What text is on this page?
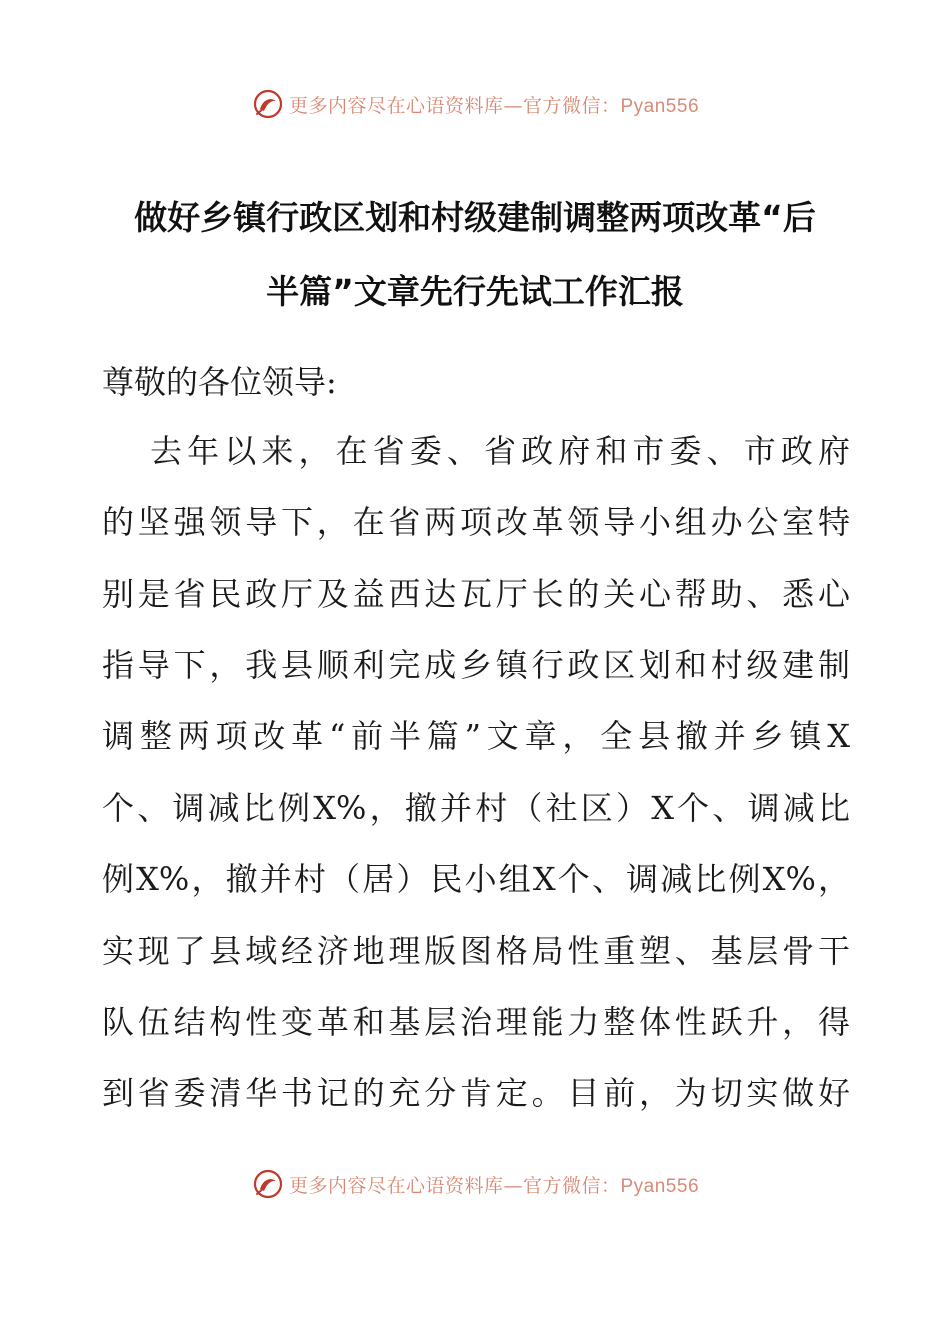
更多内容尽在心语资料库—官方微信：Pyan556
做好乡镇行政区划和村级建制调整两项改革“后
半篇”文章先行先试工作汇报

尊敬的各位领导:

去年以来，在省委、省政府和市委、市政府

的坚强领导下，在省两项改革领导小组办公室特

别是省民政厅及益西达瓦厅长的关心帮助、悉心

指导下，我县顺利完成乡镇行政区划和村级建制

调整两项改革“前半篇”文章，全县撤并乡镇X

个、调减比例X%，撤并村（社区）X个、调减比

例X%，撤并村（居）民小组X个、调减比例X%，

实现了县域经济地理版图格局性重塑、基层骨干

队伍结构性变革和基层治理能力整体性跃升，得

到省委清华书记的充分肯定。目前，为切实做好

更多内容尽在心语资料库—官方微信：Pyan556
